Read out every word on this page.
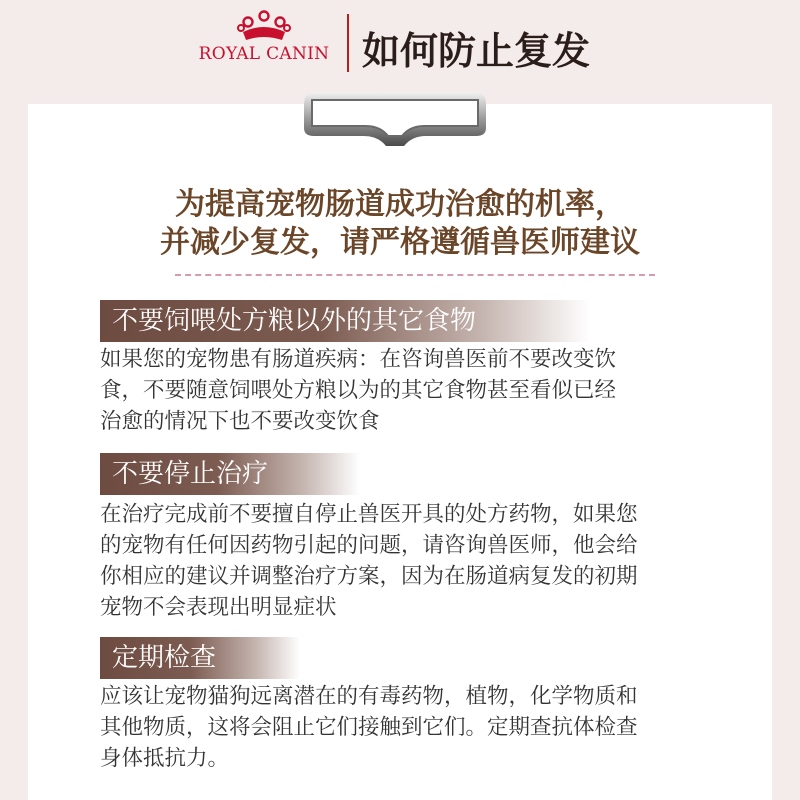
ROYAL CANIN 如何防止复发
为提高宠物肠道成功治愈的机率，
并减少复发，请严格遵循兽医师建议
不要饲喂处方粮以外的其它食物
如果您的宠物患有肠道疾病：在咨询兽医前不要改变饮
食，不要随意饲喂处方粮以为的其它食物甚至看似已经
治愈的情况下也不要改变饮食
不要停止治疗
在治疗完成前不要擅自停止兽医开具的处方药物，如果您
的宠物有任何因药物引起的问题，请咨询兽医师，他会给
你相应的建议并调整治疗方案，因为在肠道病复发的初期
宠物不会表现出明显症状
定期检查
应该让宠物猫狗远离潜在的有毒药物，植物，化学物质和
其他物质，这将会阻止它们接触到它们。定期查抗体检查
身体抵抗力。
